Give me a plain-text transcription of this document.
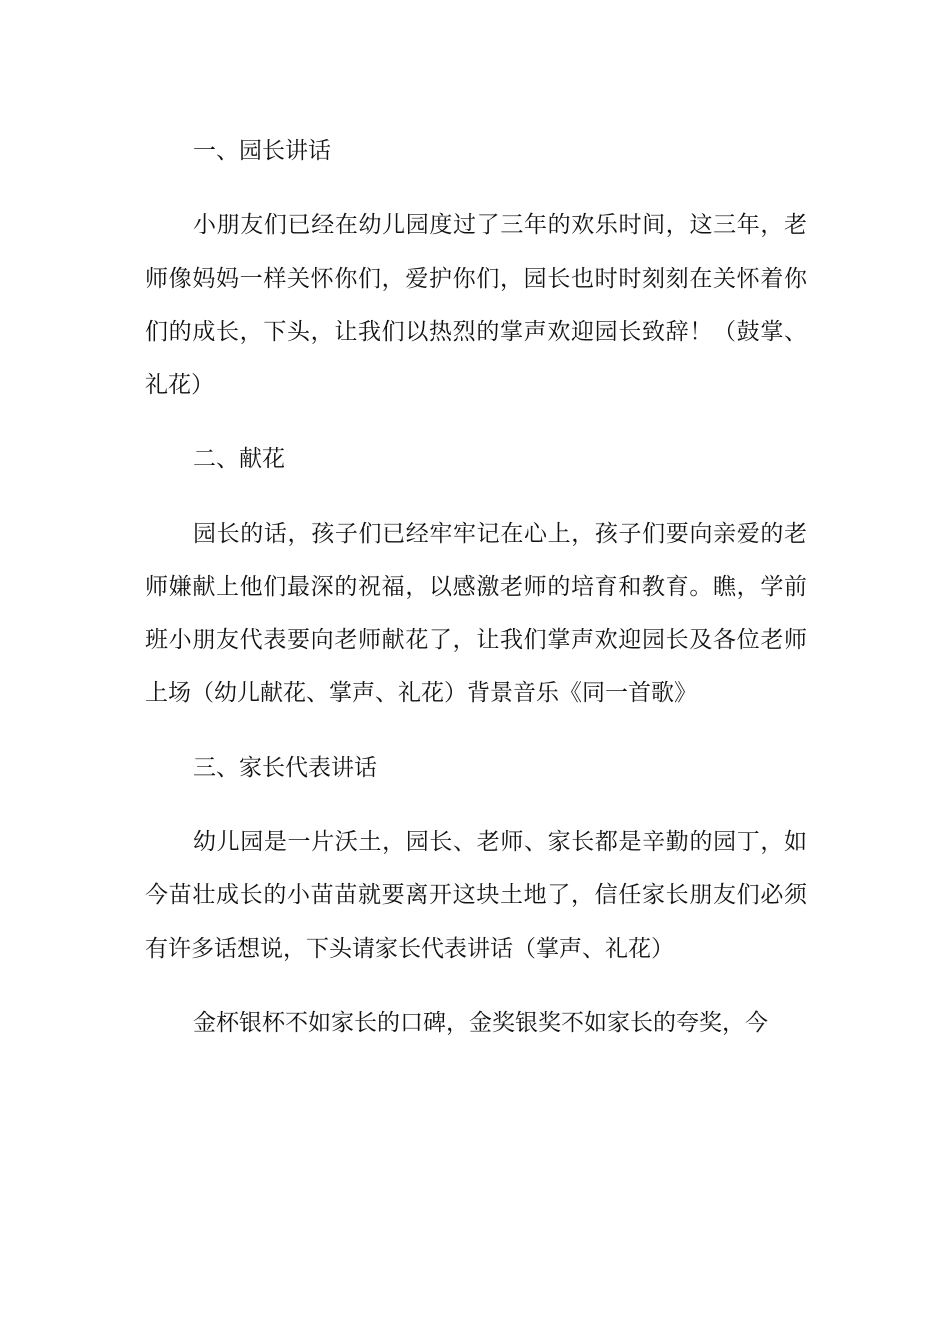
一、园长讲话

小朋友们已经在幼儿园度过了三年的欢乐时间，这三年，老师像妈妈一样关怀你们，爱护你们，园长也时时刻刻在关怀着你们的成长，下头，让我们以热烈的掌声欢迎园长致辞！（鼓掌、礼花）

二、献花

园长的话，孩子们已经牢牢记在心上，孩子们要向亲爱的老师嫌献上他们最深的祝福，以感激老师的培育和教育。瞧，学前班小朋友代表要向老师献花了，让我们掌声欢迎园长及各位老师上场（幼儿献花、掌声、礼花）背景音乐《同一首歌》

三、家长代表讲话

幼儿园是一片沃土，园长、老师、家长都是辛勤的园丁，如今苗壮成长的小苗苗就要离开这块土地了，信任家长朋友们必须有许多话想说，下头请家长代表讲话（掌声、礼花）

金杯银杯不如家长的口碑，金奖银奖不如家长的夸奖，今
